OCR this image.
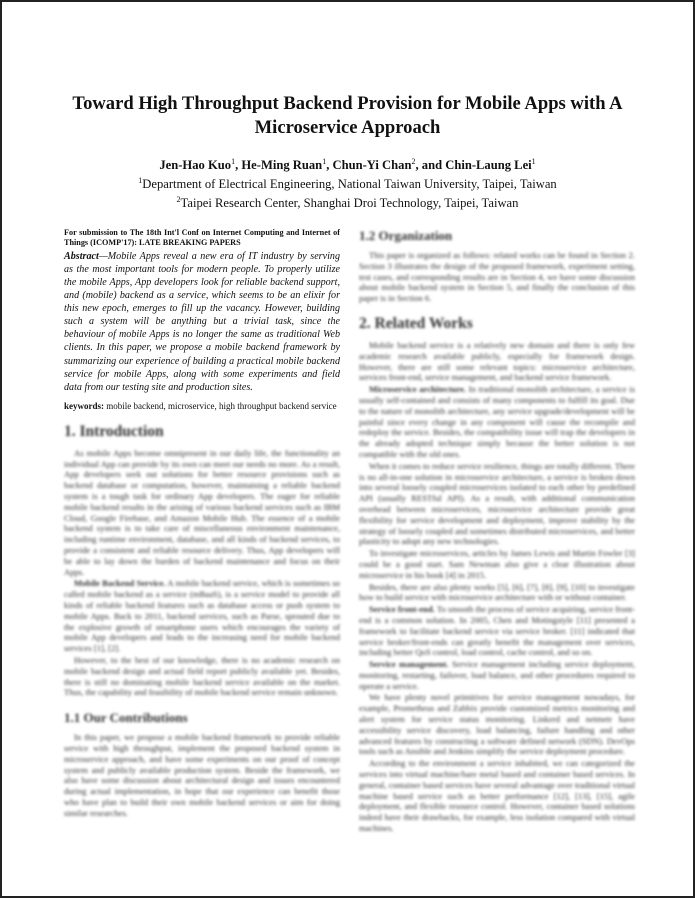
Toward High Throughput Backend Provision for Mobile Apps with A Microservice Approach
Jen-Hao Kuo$^1$, He-Ming Ruan$^1$, Chun-Yi Chan$^2$, and Chin-Laung Lei$^1$
$^1$Department of Electrical Engineering, National Taiwan University, Taipei, Taiwan
$^2$Taipei Research Center, Shanghai Droi Technology, Taipei, Taiwan
For submission to The 18th Int'l Conf on Internet Computing and Internet of Things (ICOMP'17): LATE BREAKING PAPERS
Abstract—Mobile Apps reveal a new era of IT industry by serving as the most important tools for modern people. To properly utilize the mobile Apps, App developers look for reliable backend support, and (mobile) backend as a service, which seems to be an elixir for this new epoch, emerges to fill up the vacancy. However, building such a system will be anything but a trivial task, since the behaviour of mobile Apps is no longer the same as traditional Web clients. In this paper, we propose a mobile backend framework by summarizing our experience of building a practical mobile backend service for mobile Apps, along with some experiments and field data from our testing site and production sites.
keywords: mobile backend, microservice, high throughput backend service
1. Introduction

As mobile Apps become omnipresent in our daily life, the functionality an individual App can provide by its own can meet our needs no more. As a result, App developers seek out solutions for better resource provisions such as backend database or computation, however, maintaining a reliable backend system is a tough task for ordinary App developers. The eager for reliable mobile backend results in the arising of various backend services such as IBM Cloud, Google Firebase, and Amazon Mobile Hub. The essence of a mobile backend system is to take care of miscellaneous environment maintenance, including runtime environment, database, and all kinds of backend services, to provide a consistent and reliable resource delivery. Thus, App developers will be able to lay down the burden of backend maintenance and focus on their Apps.

Mobile Backend Service. A mobile backend service, which is sometimes so called mobile backend as a service (mBaaS), is a service model to provide all kinds of reliable backend features such as database access or push system to mobile Apps. Back to 2011, backend services, such as Parse, sprouted due to the explosive growth of smartphone users which encourages the variety of mobile App developers and leads to the increasing need for mobile backend services [1], [2].

However, to the best of our knowledge, there is no academic research on mobile backend design and actual field report publicly available yet. Besides, there is still no dominating mobile backend service available on the market. Thus, the capability and feasibility of mobile backend service remain unknown.

1.1 Our Contributions

In this paper, we propose a mobile backend framework to provide reliable service with high throughput, implement the proposed backend system in microservice approach, and have some experiments on our proof of concept system and publicly available production system. Beside the framework, we also have some discussion about architectural design and issues encountered during actual implementation, in hope that our experience can benefit those who have plan to build their own mobile backend services or aim for doing similar researches.

1.2 Organization

This paper is organized as follows: related works can be found in Section 2. Section 3 illustrates the design of the proposed framework, experiment setting, test cases, and corresponding results are in Section 4, we have some discussion about mobile backend system in Section 5, and finally the conclusion of this paper is in Section 6.

2. Related Works

Mobile backend service is a relatively new domain and there is only few academic research available publicly, especially for framework design. However, there are still some relevant topics: microservice architecture, services front-end, service management, and backend service framework.

Microservice architecture. In traditional monolith architecture, a service is usually self-contained and consists of many components to fulfill its goal. Due to the nature of monolith architecture, any service upgrade/development will be painful since every change in any component will cause the recompile and redeploy the service. Besides, the compatibility issue will trap the developers in the already adopted technique simply because the better solution is not compatible with the old ones.

When it comes to reduce service resilience, things are totally different. There is no all-in-one solution in microservice architecture, a service is broken down into several loosely coupled microservices isolated to each other by predefined API (usually RESTful API). As a result, with additional communication overhead between microservices, microservice architecture provide great flexibility for service development and deployment, improve stability by the strategy of loosely coupled and sometimes distributed microservices, and better plasticity to adopt any new technologies.

To investigate microservices, articles by James Lewis and Martin Fowler [3] could be a good start. Sam Newman also give a clear illustration about microservice in his book [4] in 2015.

Besides, there are also plenty works [5], [6], [7], [8], [9], [10] to investigate how to build service with microservice architecture with or without container.

Service front-end. To smooth the process of service acquiring, service front-end is a common solution. In 2005, Chen and Motingstyle [11] presented a framework to facilitate backend service via service broker. [11] indicated that service broker/front-ends can greatly benefit the management over services, including better QoS control, load control, cache control, and so on.

Service management. Service management including service deployment, monitoring, restarting, failover, load balance, and other procedures required to operate a service.

We have plenty novel primitives for service management nowadays, for example, Prometheus and Zabbix provide customized metrics monitoring and alert system for service status monitoring. Linkerd and netmetr have accessibility service discovery, load balancing, failure handling and other advanced features by constructing a software defined network (SDN). DevOps tools such as Ansible and Jenkins simplify the service deployment procedure.

According to the environment a service inhabited, we can categorized the services into virtual machine/bare metal based and container based services. In general, container based services have several advantage over traditional virtual machine based service such as better performance [12], [13], [15], agile deployment, and flexible resource control. However, container based solutions indeed have their drawbacks, for example, less isolation compared with virtual machines.
